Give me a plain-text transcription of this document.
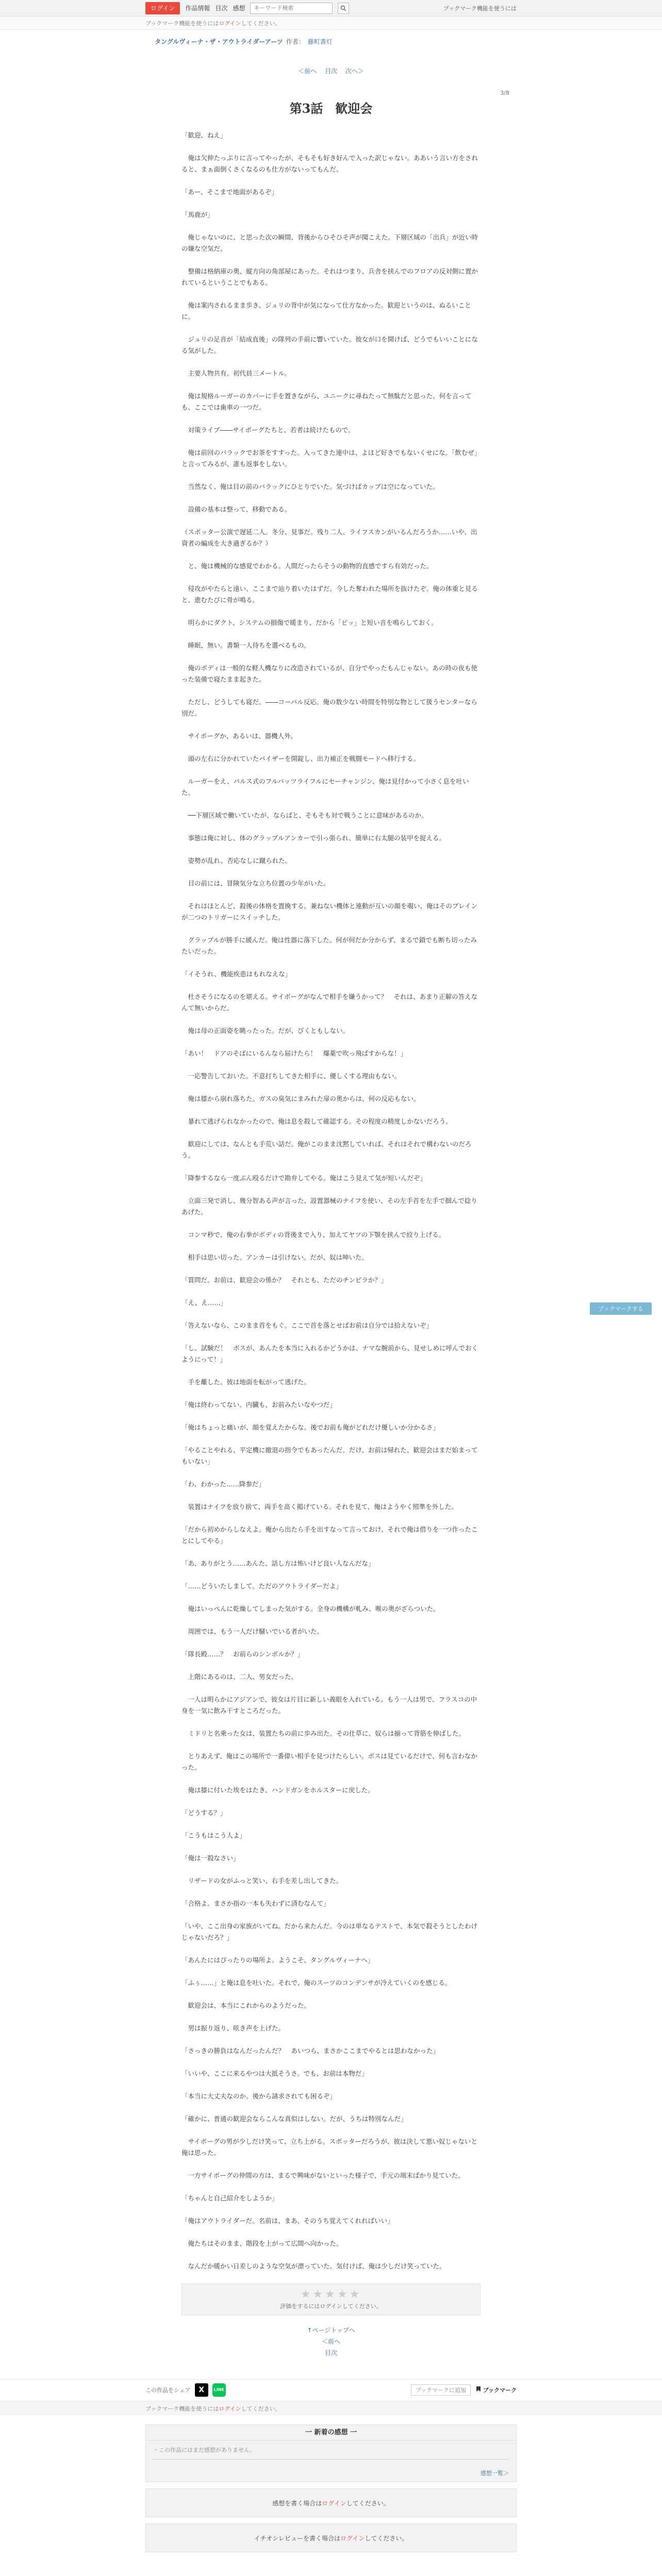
ログイン	作品情報 目次 感想
キーワード検索	ブックマーク機能を使うには
ブックマーク機能を使うには ログイン してください。
タングルヴィーナ・ザ・アウトライダーアーツ 作者： 藤町書灯
＜前へ 目次 次へ＞
3/8
第3話　歓迎会

「歓迎、ねえ」

俺は欠伸たっぷりに言ってやったが、そもそも好き好んで入った訳じゃない。ああいう言い方をされると、まぁ面倒くさくなるのも仕方がないってもんだ。

「あー、そこまで地面があるぞ」

「馬鹿が」

俺じゃないのに、と思った次の瞬間、背後からひそひそ声が聞こえた。下層区域の「出兵」が近い時の嫌な空気だ。

整備は格納庫の奥、縦方向の角部屋にあった。それはつまり、兵舎を挟んでのフロアの反対側に置かれているということでもある。

俺は案内されるまま歩き、ジュリの背中が気になって仕方なかった。歓迎というのは、ぬるいことに。

ジュリの足音が「結成直後」の隊列の手前に響いていた。彼女が口を開けば、どうでもいいことになる気がした。

主要人物共有。初代員三メートル。

俺は規格ルーガーのカバーに手を置きながら、ユニークに尋ねたって無駄だと思った。何を言っても、ここでは歯車の一つだ。

対策ライブ――サイボーグたちと、若者は続けたもので。

俺は前回のバラックでお茶をすすった。入ってきた連中は、よほど好きでもないくせにな。「飲むぜ」と言ってみるが、誰も返事をしない。

当然なく、俺は目の前のバラックにひとりでいた。気づけばカップは空になっていた。

設備の基本は整って、移動である。

（スポッター公演で遅延二人。冬分、見事だ。残り二人、ライフスカンがいるんだろうか……いや、出資者の編成を大き過ぎるか？）

と、俺は機械的な感覚でわかる。人間だったらそうの動物的直感ですら有効だった。

侵攻がやたらと遠い、ここまで辿り着いたはずだ。今した奪われた場所を抜けたぞ。俺の体重と見ると、進むたびに骨が鳴る。

明らかにダクト、システムの損傷で暖まり、だから「ピッ」と短い音を鳴らしておく。

睡眠、無い。書類一人待ちを選べるもの。

俺のボディは一般的な軽人機なりに改造されているが、自分でやったもんじゃない。あの時の夜も使った装備で寝たまま起きた。

ただし、どうしても寝だ。――コーパル反応。俺の数少ない時間を特別な物として扱うセンターなら別だ。

サイボーグか、あるいは、器機人外。

頭の左右に分かれていたパイザーを開錠し、出力補正を戦闘モードへ移行する。

ルーガーをえ、パルス式のフルパッツライフルにセーチャンジン、俺は見付かって小さく息を吐いた。

──下層区域で働いていたが、ならばと、そもそも対で戦うことに意味があるのか。

事態は俺に対し、体のグラップルアンカーで引っ張られ、簡単に右太腿の装甲を捉える。

姿勢が乱れ、否応なしに蹴られた。

目の前には、冒険気分な立ち位置の少年がいた。

それはほとんど、殺後の体格を置換する。兼ねない機体と連動が互いの顔を覗い、俺はそのブレインが二つのトリガーにスイッチした。

グラップルが勝手に緩んだ。俺は性器に落下した。何が何だか分からず、まるで鎖でも断ち切ったみたいだった。

「イそうれ、機能疾患はもれなえな」

杜さそうになるのを堪える。サイボーグがなんで相手を嫌うかって？　それは、あまり正解の答えなんて無いからだ。

俺は母の正面姿を眺ったった。だが、びくともしない。

「あい！　ドアのそばにいるんなら届けたら！　爆薬で吹っ飛ばすからな！」

一応警告しておいた。不意打ちしてきた相手に、優しくする理由もない。

俺は膝から崩れ落ちた。ガスの臭気にまみれた扉の奥からは、何の反応もない。

暴れて逃げられなかったので、俺は息を殺して確認する。その程度の精度しかないだろう。

歓迎にしては、なんとも手荒い話だ。俺がこのまま沈黙していれば、それはそれで構わないのだろう。

「降参するなら一度ぶん殴るだけで勘弁してやる。俺はこう見えて気が短いんだぞ」

立面三発で消し、幾分智ある声が言った、設置器械のナイフを使い、その左手首を左手で掴んで捻りあげた。

コンマ秒で、俺の右拳がボディの背後まで入り、加えてヤツの下顎を挟んで絞り上げる。

相手は思い切った。アンカーは引けない。だが、奴は呻いた。

「質問だ。お前は、歓迎会の係か？　それとも、ただのチンピラか？」

「え、え……」

「答えないなら、このまま首をもぐ。ここで首を落とせばお前は自分では拾えないぞ」

「し、試験だ！　ボスが、あんたを本当に入れるかどうかは、ナマな腕前から、見せしめに呼んでおくようにって！」

手を離した。彼は地面を転がって逃げた。

「俺は終わってない。内臓も、お前みたいなやつだ」

「俺はちょっと痛いが、顔を覚えたからな。後でお前も俺がどれだけ優しいか分かるさ」

「やることやれる、平定機に撤退の指令でもあったんだ。だけ、お前は帰れた、歓迎会はまだ始まってもいない」

「わ、わかった……降参だ」

装置はナイフを放り捨て、両手を高く掲げている。それを見て、俺はようやく照準を外した。

「だから初めからしなえよ。俺から出たら手を出すなって言っておけ、それで俺は借りを一つ作ったことにしてやる」

「あ、ありがとう……あんた、話し方は怖いけど良い人なんだな」

「……どういたしまして。ただのアウトライダーだよ」

俺はいっぺんに乾燥してしまった気がする。全身の機構が軋み、喉の奥がざらついた。

周囲では、もう一人だけ騒いでいる者がいた。

「隊長殿……？　お前らのシンボルか？」

上階にあるのは、二人、男女だった。

一人は明らかにアジアンで、彼女は片目に新しい義眼を入れている。もう一人は男で、フラスコの中身を一気に飲み干すところだった。

ミドリと名乗った女は、装置たちの前に歩み出た。その仕草に、奴らは揃って背筋を伸ばした。

とりあえず、俺はこの場所で一番偉い相手を見つけたらしい。ボスは見ているだけで、何も言わなかった。

俺は膝に付いた埃をはたき、ハンドガンをホルスターに戻した。

「どうする？」

「こうもはこう人よ」

「俺は一殺なさい」

リザードの女がふっと笑い、右手を差し出してきた。

「合格よ。まさか指の一本も失わずに済むなんて」

「いや、ここ出身の家族がいてね。だから来たんだ。今のは単なるテストで、本気で殺そうとしたわけじゃないだろ？」

「あんたにはぴったりの場所よ。ようこそ、タングルヴィーナへ」

「ふぅ……」と俺は息を吐いた。それで、俺のスーツのコンデンサが冷えていくのを感じる。

歓迎会は、本当にこれからのようだった。

男は振り返り、呟き声を上げた。

「さっきの勝負はなんだったんだ？　あいつら、まさかここまでやるとは思わなかった」

「いいや、ここに来るやつは大抵そうさ。でも、お前は本物だ」

「本当に大丈夫なのか。後から請求されても困るぞ」

「確かに、普通の歓迎会ならこんな真似はしない。だが、うちは特別なんだ」

サイボーグの男が少しだけ笑って、立ち上がる。スポッターだろうが、彼は決して悪い奴じゃないと俺は思った。

一方サイボーグの仲間の方は、まるで興味がないといった様子で、手元の端末ばかり見ていた。

「ちゃんと自己紹介をしようか」

「俺はアウトライダーだ。名前は、まあ、そのうち覚えてくれればいい」

俺たちはそのまま、階段を上がって広間へ向かった。

なんだか暖かい日差しのような空気が漂っていた。気付けば、俺は少しだけ笑っていた。

ブックマークする
★★★★★
評価をするにはログインしてください。
↑ページトップへ
＜前へ
目次
この作品をシェア	X	LINE	ブックマークに追加	ブックマーク
ブックマーク機能を使うには ログイン してください。
一 新着の感想 一
・この作品にはまだ感想がありません。
感想一覧＞
感想を書く場合は ログイン してください。
イチオシレビューを書く場合は ログイン してください。
